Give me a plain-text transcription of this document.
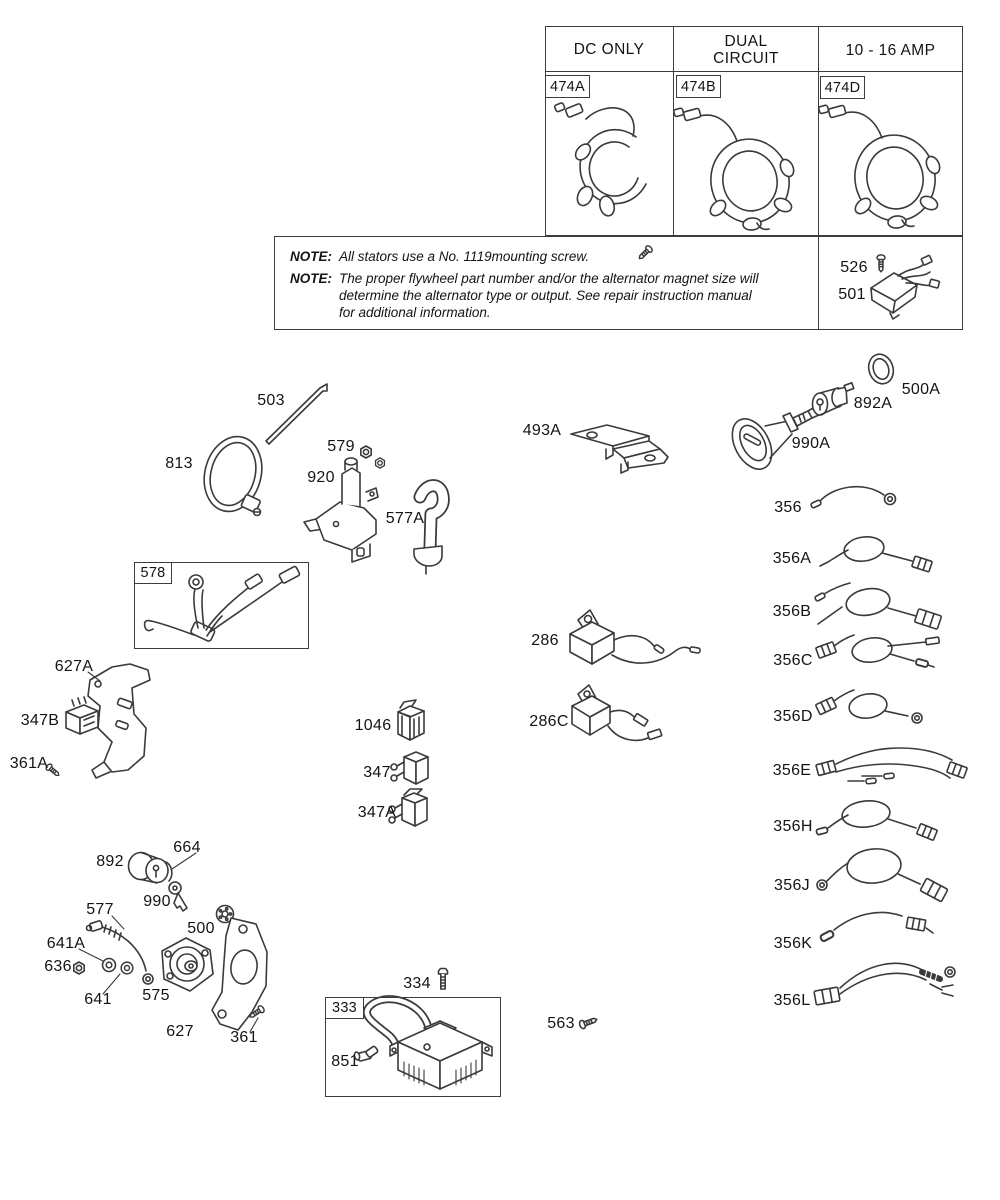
DC ONLY	DUAL CIRCUIT	10 - 16 AMP
474A	474B	474D
NOTE: All stators use a No. 1119mounting screw.
NOTE: The proper flywheel part number and/or the alternator magnet size will
determine the alternator type or output. See repair instruction manual
for additional information.
578
333
526
501
503
813
579
920
577A
493A
500A
892A
990A
356
356A
356B
356C
356D
356E
356H
356J
356K
356L
627A
347B
361A
286
286C
1046
347
347A
892
664
990
577
500
641A
636
641 575
627 361
334
851
563
